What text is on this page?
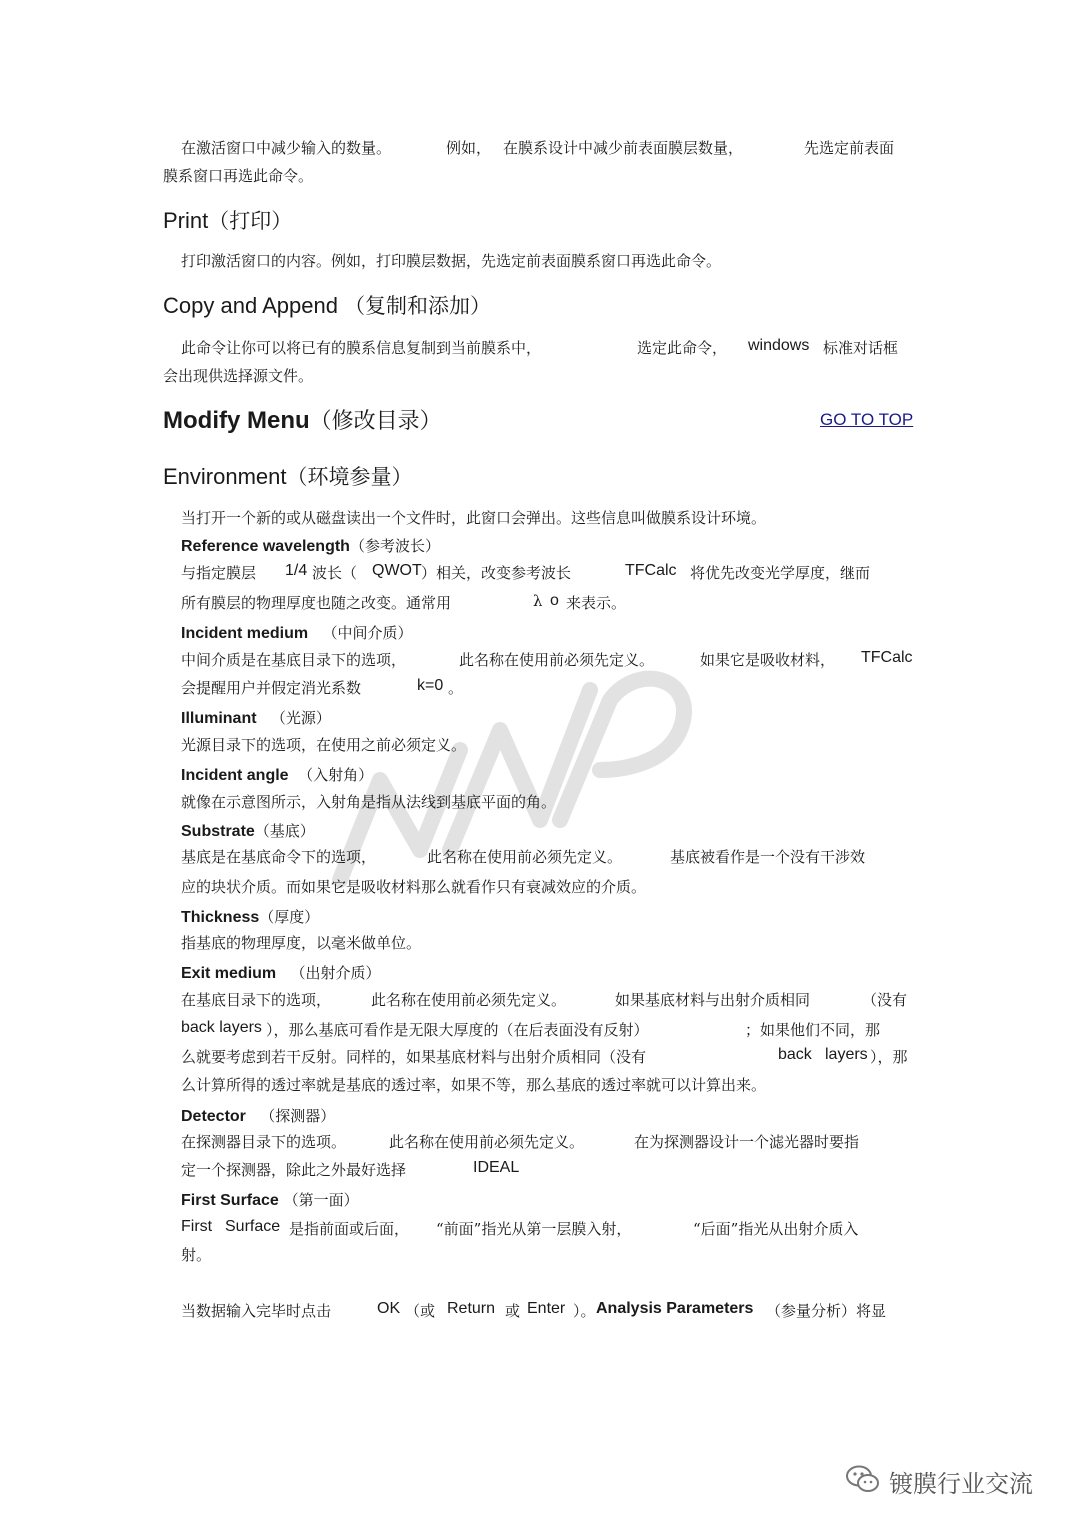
在激活窗口中减少输入的数量。	例如， 在膜系设计中减少前表面膜层数量，	先选定前表面
膜系窗口再选此命令。
Print（打印）
打印激活窗口的内容。例如，打印膜层数据，先选定前表面膜系窗口再选此命令。
Copy and Append （复制和添加）
此命令让你可以将已有的膜系信息复制到当前膜系中，	选定此命令， windows 标准对话框
会出现供选择源文件。
Modify Menu（修改目录）	GO TO TOP
Environment（环境参量）
当打开一个新的或从磁盘读出一个文件时，此窗口会弹出。这些信息叫做膜系设计环境。
Reference wavelength（参考波长）
与指定膜层 1/4 波长（ QWOT ）相关，改变参考波长	TFCalc 将优先改变光学厚度，继而
所有膜层的物理厚度也随之改变。通常用	λ o 来表示。
Incident medium （中间介质）
中间介质是在基底目录下的选项，	此名称在使用前必须先定义。	如果它是吸收材料， TFCalc
会提醒用户并假定消光系数	k=0 。
Illuminant （光源）
光源目录下的选项，在使用之前必须定义。
Incident angle （入射角）
就像在示意图所示，入射角是指从法线到基底平面的角。
Substrate（基底）
基底是在基底命令下的选项，	此名称在使用前必须先定义。	基底被看作是一个没有干涉效
应的块状介质。而如果它是吸收材料那么就看作只有衰减效应的介质。
Thickness（厚度）
指基底的物理厚度，以毫米做单位。
Exit medium （出射介质）
在基底目录下的选项，	此名称在使用前必须先定义。	如果基底材料与出射介质相同	（没有
back layers ），那么基底可看作是无限大厚度的（在后表面没有反射）	；如果他们不同，那
么就要考虑到若干反射。同样的，如果基底材料与出射介质相同（没有	back layers ），那
么计算所得的透过率就是基底的透过率，如果不等，那么基底的透过率就可以计算出来。
Detector （探测器）
在探测器目录下的选项。	此名称在使用前必须先定义。	在为探测器设计一个滤光器时要指
定一个探测器，除此之外最好选择	IDEAL
First Surface （第一面）
First Surface 是指前面或后面， “前面”指光从第一层膜入射，	“后面”指光从出射介质入
射。
当数据输入完毕时点击	OK （或 Return 或 Enter ）。 Analysis Parameters （参量分析）将显
镀膜行业交流
